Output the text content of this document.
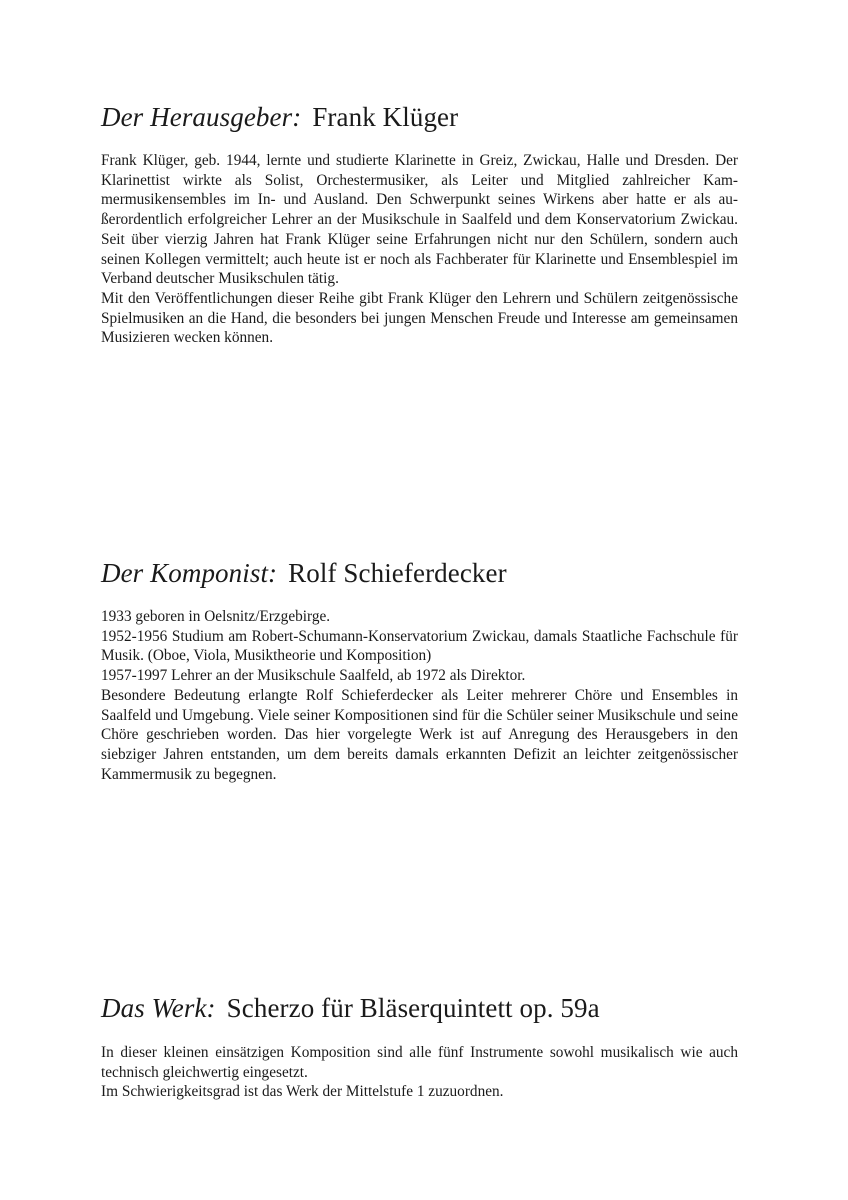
Der Herausgeber: Frank Klüger

Frank Klüger, geb. 1944, lernte und studierte Klarinette in Greiz, Zwickau, Halle und Dresden. Der Klarinettist wirkte als Solist, Orchestermusiker, als Leiter und Mitglied zahlreicher Kammermusikensembles im In- und Ausland. Den Schwerpunkt seines Wirkens aber hatte er als außerordentlich erfolgreicher Lehrer an der Musikschule in Saalfeld und dem Konservatorium Zwickau. Seit über vierzig Jahren hat Frank Klüger seine Erfahrungen nicht nur den Schülern, sondern auch seinen Kollegen vermittelt; auch heute ist er noch als Fachberater für Klarinette und Ensemblespiel im Verband deutscher Musikschulen tätig.

Mit den Veröffentlichungen dieser Reihe gibt Frank Klüger den Lehrern und Schülern zeitgenössische Spielmusiken an die Hand, die besonders bei jungen Menschen Freude und Interesse am gemeinsamen Musizieren wecken können.

Der Komponist: Rolf Schieferdecker

1933 geboren in Oelsnitz/Erzgebirge.

1952-1956 Studium am Robert-Schumann-Konservatorium Zwickau, damals Staatliche Fachschule für Musik. (Oboe, Viola, Musiktheorie und Komposition)

1957-1997 Lehrer an der Musikschule Saalfeld, ab 1972 als Direktor.

Besondere Bedeutung erlangte Rolf Schieferdecker als Leiter mehrerer Chöre und Ensembles in Saalfeld und Umgebung. Viele seiner Kompositionen sind für die Schüler seiner Musikschule und seine Chöre geschrieben worden. Das hier vorgelegte Werk ist auf Anregung des Herausgebers in den siebziger Jahren entstanden, um dem bereits damals erkannten Defizit an leichter zeitgenössischer Kammermusik zu begegnen.

Das Werk: Scherzo für Bläserquintett op. 59a

In dieser kleinen einsätzigen Komposition sind alle fünf Instrumente sowohl musikalisch wie auch technisch gleichwertig eingesetzt.

Im Schwierigkeitsgrad ist das Werk der Mittelstufe 1 zuzuordnen.
